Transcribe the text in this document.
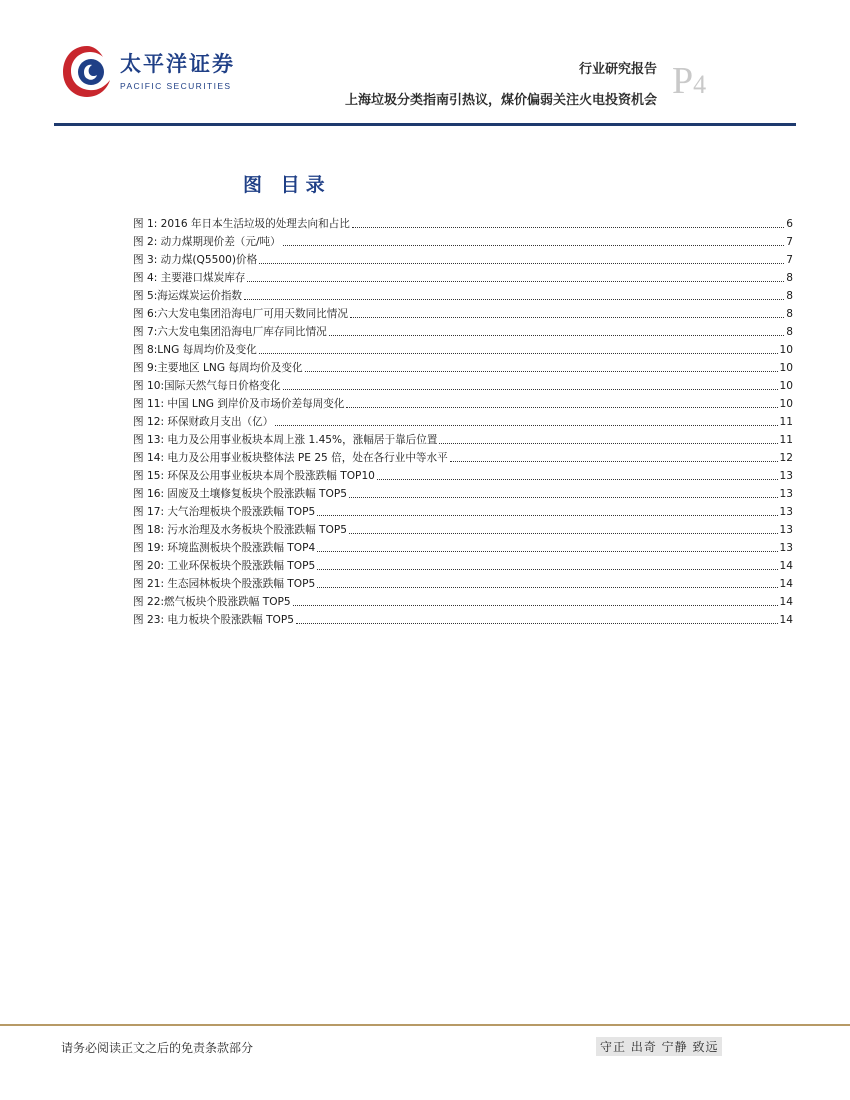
太平洋证券
PACIFIC SECURITIES
行业研究报告
上海垃圾分类指南引热议，煤价偏弱关注火电投资机会 P4
图 目录
图 1: 2016 年日本生活垃圾的处理去向和占比	6
图 2: 动力煤期现价差（元/吨）	7
图 3: 动力煤(Q5500)价格	7
图 4: 主要港口煤炭库存	8
图 5:海运煤炭运价指数	8
图 6:六大发电集团沿海电厂可用天数同比情况	8
图 7:六大发电集团沿海电厂库存同比情况	8
图 8:LNG 每周均价及变化	10
图 9:主要地区 LNG 每周均价及变化	10
图 10:国际天然气每日价格变化	10
图 11: 中国 LNG 到岸价及市场价差每周变化	10
图 12: 环保财政月支出（亿）	11
图 13: 电力及公用事业板块本周上涨 1.45%，涨幅居于靠后位置	11
图 14: 电力及公用事业板块整体法 PE 25 倍，处在各行业中等水平	12
图 15: 环保及公用事业板块本周个股涨跌幅 TOP10	13
图 16: 固废及土壤修复板块个股涨跌幅 TOP5	13
图 17: 大气治理板块个股涨跌幅 TOP5	13
图 18: 污水治理及水务板块个股涨跌幅 TOP5	13
图 19: 环境监测板块个股涨跌幅 TOP4	13
图 20: 工业环保板块个股涨跌幅 TOP5	14
图 21: 生态园林板块个股涨跌幅 TOP5	14
图 22:燃气板块个股涨跌幅 TOP5	14
图 23: 电力板块个股涨跌幅 TOP5	14
请务必阅读正文之后的免责条款部分	守正 出奇 宁静 致远
